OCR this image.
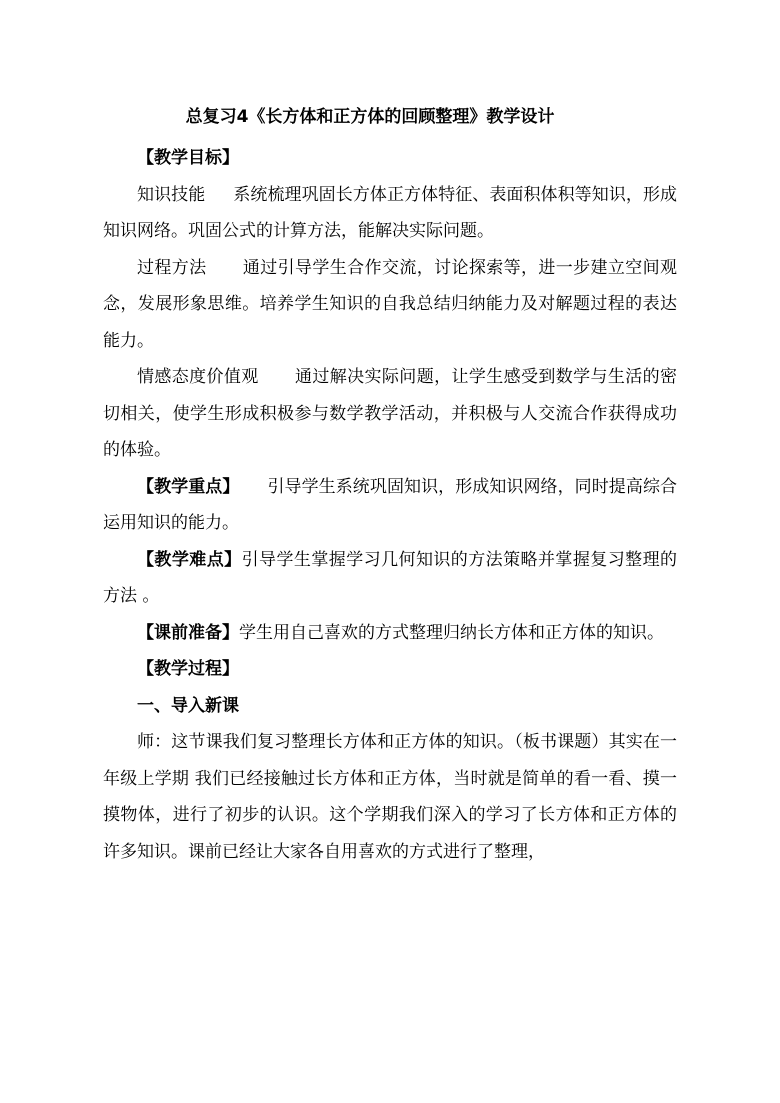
总复习4《长方体和正方体的回顾整理》教学设计

【教学目标】

知识技能 系统梳理巩固长方体正方体特征、表面积体积等知识，形成知识网络。巩固公式的计算方法，能解决实际问题。

过程方法 通过引导学生合作交流，讨论探索等，进一步建立空间观念，发展形象思维。培养学生知识的自我总结归纳能力及对解题过程的表达能力。

情感态度价值观 通过解决实际问题，让学生感受到数学与生活的密切相关，使学生形成积极参与数学教学活动，并积极与人交流合作获得成功的体验。

【教学重点】 引导学生系统巩固知识，形成知识网络，同时提高综合运用知识的能力。

【教学难点】引导学生掌握学习几何知识的方法策略并掌握复习整理的方法 。

【课前准备】学生用自己喜欢的方式整理归纳长方体和正方体的知识。

【教学过程】

一、导入新课

师：这节课我们复习整理长方体和正方体的知识。（板书课题）其实在一年级上学期 我们已经接触过长方体和正方体，当时就是简单的看一看、摸一摸物体，进行了初步的认识。这个学期我们深入的学习了长方体和正方体的许多知识。课前已经让大家各自用喜欢的方式进行了整理，
